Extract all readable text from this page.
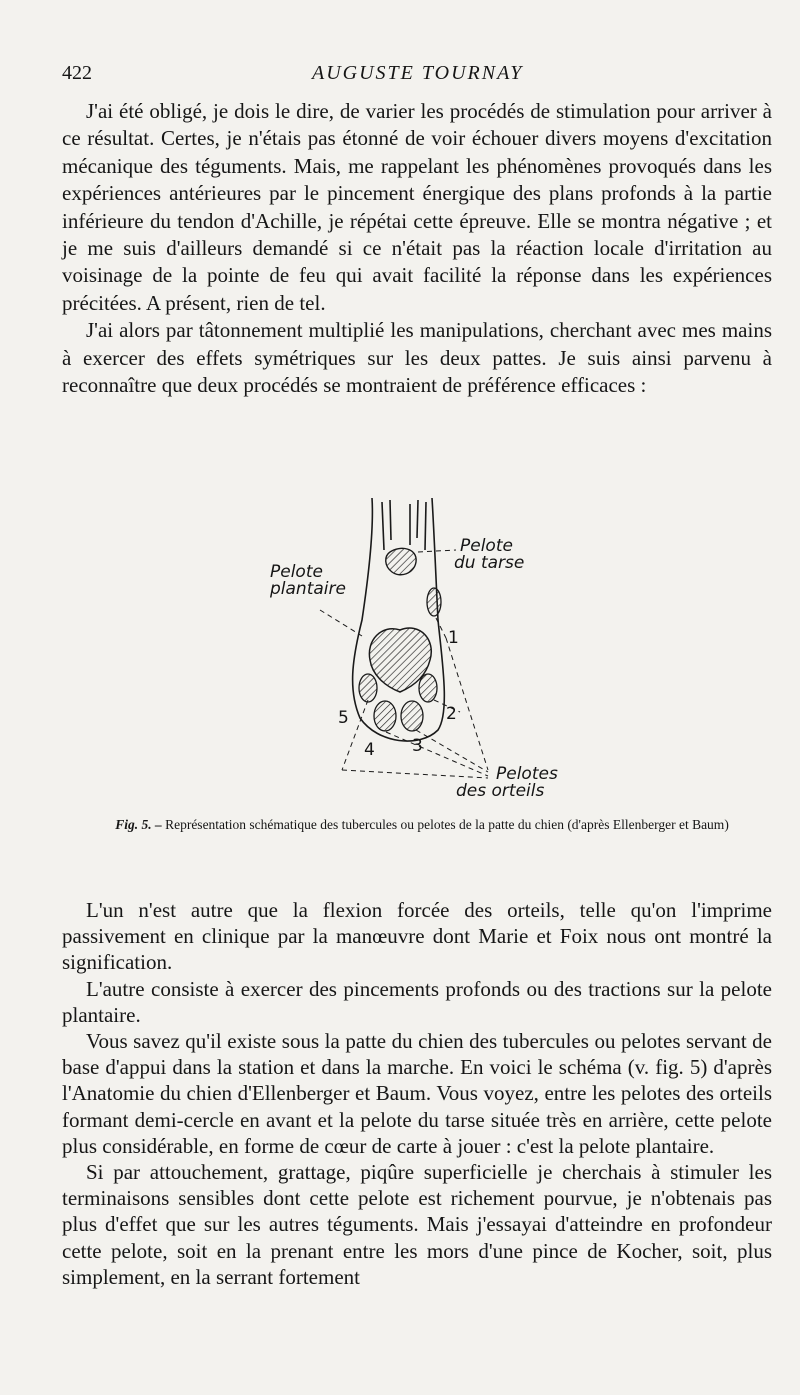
422	AUGUSTE TOURNAY

J'ai été obligé, je dois le dire, de varier les procédés de stimulation pour arriver à ce résultat. Certes, je n'étais pas étonné de voir échouer divers moyens d'excitation mécanique des téguments. Mais, me rappelant les phénomènes provoqués dans les expériences antérieures par le pincement énergique des plans profonds à la partie inférieure du tendon d'Achille, je répétai cette épreuve. Elle se montra négative ; et je me suis d'ailleurs demandé si ce n'était pas la réaction locale d'irritation au voisinage de la pointe de feu qui avait facilité la réponse dans les expériences précitées. A présent, rien de tel.

J'ai alors par tâtonnement multiplié les manipulations, cherchant avec mes mains à exercer des effets symétriques sur les deux pattes. Je suis ainsi parvenu à reconnaître que deux procédés se montraient de préférence efficaces :

Pelote
du tarse
Pelote
plantaire
Pelotes
des orteils
1
2
3
4
5
Fig. 5. – Représentation schématique des tubercules ou pelotes de la patte du chien (d'après Ellenberger et Baum)

L'un n'est autre que la flexion forcée des orteils, telle qu'on l'imprime passivement en clinique par la manœuvre dont Marie et Foix nous ont montré la signification.

L'autre consiste à exercer des pincements profonds ou des tractions sur la pelote plantaire.

Vous savez qu'il existe sous la patte du chien des tubercules ou pelotes servant de base d'appui dans la station et dans la marche. En voici le schéma (v. fig. 5) d'après l'Anatomie du chien d'Ellenberger et Baum. Vous voyez, entre les pelotes des orteils formant demi-cercle en avant et la pelote du tarse située très en arrière, cette pelote plus considérable, en forme de cœur de carte à jouer : c'est la pelote plantaire.

Si par attouchement, grattage, piqûre superficielle je cherchais à stimuler les terminaisons sensibles dont cette pelote est richement pourvue, je n'obtenais pas plus d'effet que sur les autres téguments. Mais j'essayai d'atteindre en profondeur cette pelote, soit en la prenant entre les mors d'une pince de Kocher, soit, plus simplement, en la serrant fortement
